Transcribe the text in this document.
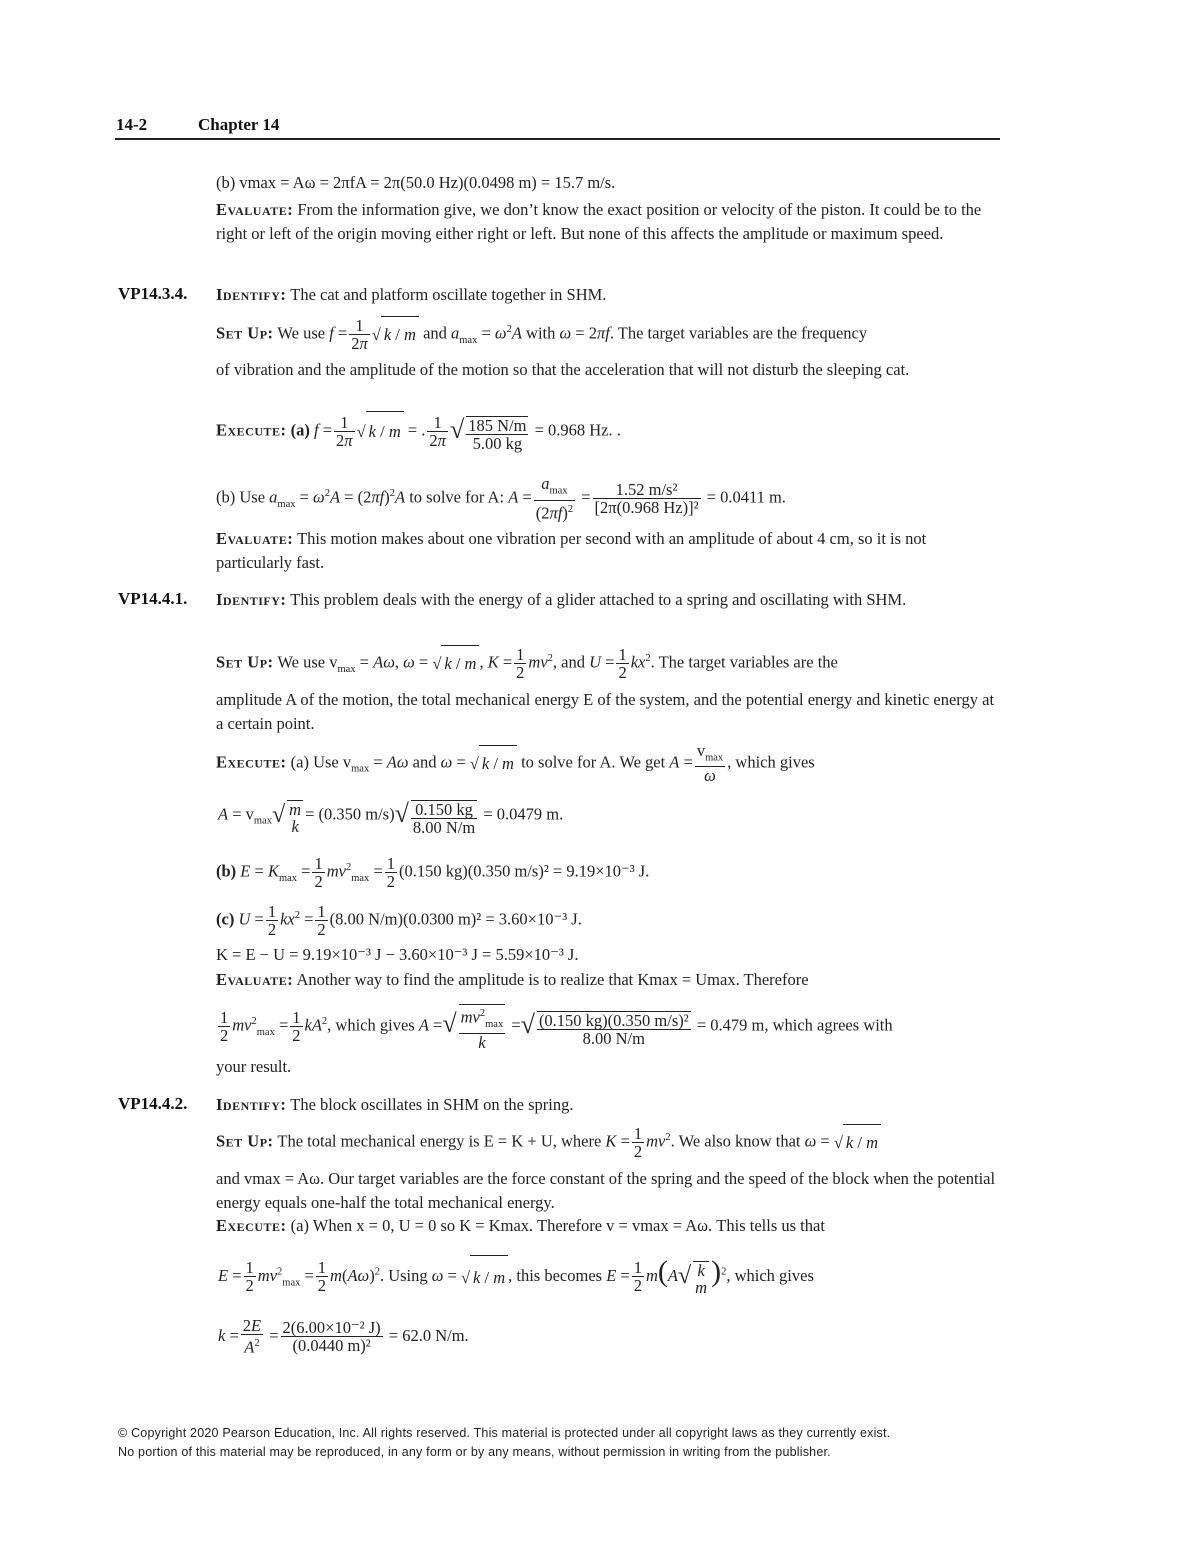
14-2	Chapter 14
(b) vmax = Aω = 2πfA = 2π(50.0 Hz)(0.0498 m) = 15.7 m/s.
Evaluate: From the information give, we don’t know the exact position or velocity of the piston. It could be to the right or left of the origin moving either right or left. But none of this affects the amplitude or maximum speed.
VP14.3.4. Identify: The cat and platform oscillate together in SHM.
Set Up: We use $f = \frac{1}{2\pi}$ √ k / m and $a_{max} = \omega^2A$ with ω = 2πf. The target variables are the frequency
of vibration and the amplitude of the motion so that the acceleration that will not disturb the sleeping cat.
Execute: (a) $f = \frac{1}{2\pi}$ √ k / m = . $\frac{1}{2\pi}$ √ $\frac{185 N/m}{5.00 kg} = 0.968$ Hz. .
(b) Use $a_{max} = \omega^2A = (2\pi f)^2A$ to solve for A: $A = \frac{a_{max}}{(2\pi f)^2} = \frac{\text{1.52 m/s²}}{\text{[2π(0.968 Hz)]²}} = 0.0411$ m.
Evaluate: This motion makes about one vibration per second with an amplitude of about 4 cm, so it is not particularly fast.
VP14.4.1. Identify: This problem deals with the energy of a glider attached to a spring and oscillating with SHM.
Set Up: We use $v_{max} = A\omega$, ω = √ k / m , $K = \frac{1}{2} mv^2$, and $U = \frac{1}{2} kx^2$. The target variables are the
amplitude A of the motion, the total mechanical energy E of the system, and the potential energy and kinetic energy at a certain point.
Execute: (a) Use $v_{max} = A\omega$ and ω = √ k / m to solve for A. We get $A = \frac{v_{max}}{\omega}$ , which gives
$A = v_{max}√$ m
k
= (0.350 $m/s)√ \frac{0.150 kg}{8.00 N/m} = 0.0479$ m.
(b) $E = K_{max} = \frac{1}{2} mv^2_{max} = \frac{1}{2} (0.150$ kg)(0.350 m/s)² = 9.19×10⁻³ J.
(c) $U = \frac{1}{2} kx^2 = \frac{1}{2} (8.00$ N/m)(0.0300 m)² = 3.60×10⁻³ J.
K = E − U = 9.19×10⁻³ J − 3.60×10⁻³ J = 5.59×10⁻³ J.
Evaluate: Another way to find the amplitude is to realize that Kmax = Umax. Therefore
$\frac{1}{2} mv^2_{max} = \frac{1}{2} kA^2$, which gives A =√ $\frac{mv^2_{max}}{k}$ =√ $\frac{\text{(0.150 kg)(0.350 m/s)²}}{8.00 N/m} = 0.479$ m, which agrees with
your result.
VP14.4.2. Identify: The block oscillates in SHM on the spring.
Set Up: The total mechanical energy is E = K + U, where $K = \frac{1}{2} mv^2$. We also know that ω = √ k / m
and vmax = Aω. Our target variables are the force constant of the spring and the speed of the block when the potential energy equals one-half the total mechanical energy.
Execute: (a) When x = 0, U = 0 so K = Kmax. Therefore v = vmax = Aω. This tells us that
$E = \frac{1}{2} mv^2_{max} = \frac{1}{2} m(A\omega)^2$. Using ω = √ k / m , this becomes $E = \frac{1}{2} m(A√$ k
m )$^2$, which gives
$k = \frac{2E}{A^2} = \frac{\text{2(6.00×10⁻² J)}}{\text{(0.0440 m)²}} = 62.0$ N/m.
© Copyright 2020 Pearson Education, Inc. All rights reserved. This material is protected under all copyright laws as they currently exist.
No portion of this material may be reproduced, in any form or by any means, without permission in writing from the publisher.
